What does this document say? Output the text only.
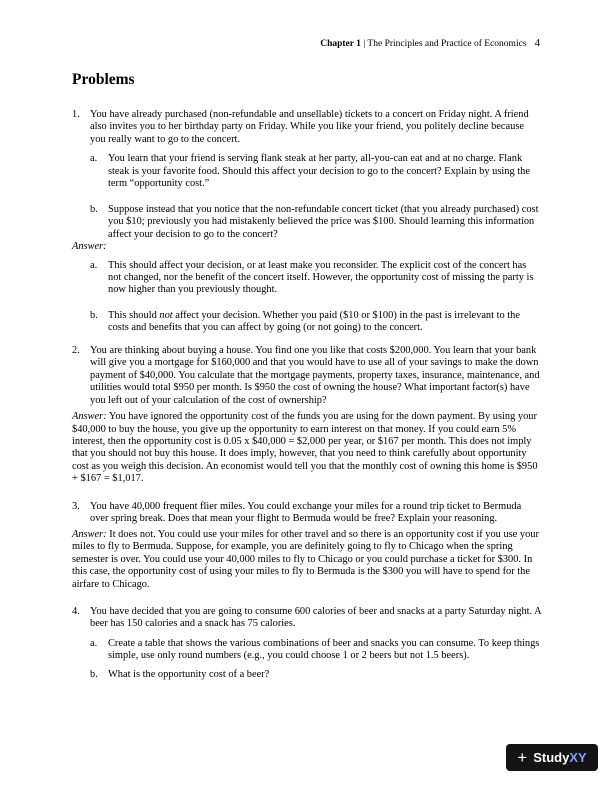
Chapter 1 | The Principles and Practice of Economics 4
Problems
1. You have already purchased (non-refundable and unsellable) tickets to a concert on Friday night. A friend also invites you to her birthday party on Friday. While you like your friend, you politely decline because you really want to go to the concert.
a. You learn that your friend is serving flank steak at her party, all-you-can eat and at no charge. Flank steak is your favorite food. Should this affect your decision to go to the concert? Explain by using the term “opportunity cost.”
b. Suppose instead that you notice that the non-refundable concert ticket (that you already purchased) cost you $10; previously you had mistakenly believed the price was $100. Should learning this information affect your decision to go to the concert?
Answer:
a. This should affect your decision, or at least make you reconsider. The explicit cost of the concert has not changed, nor the benefit of the concert itself. However, the opportunity cost of missing the party is now higher than you previously thought.
b. This should not affect your decision. Whether you paid ($10 or $100) in the past is irrelevant to the costs and benefits that you can affect by going (or not going) to the concert.
2. You are thinking about buying a house. You find one you like that costs $200,000. You learn that your bank will give you a mortgage for $160,000 and that you would have to use all of your savings to make the down payment of $40,000. You calculate that the mortgage payments, property taxes, insurance, maintenance, and utilities would total $950 per month. Is $950 the cost of owning the house? What important factor(s) have you left out of your calculation of the cost of ownership?
Answer: You have ignored the opportunity cost of the funds you are using for the down payment. By using your $40,000 to buy the house, you give up the opportunity to earn interest on that money. If you could earn 5% interest, then the opportunity cost is 0.05 x $40,000 = $2,000 per year, or $167 per month. This does not imply that you should not buy this house. It does imply, however, that you need to think carefully about opportunity cost as you weigh this decision. An economist would tell you that the monthly cost of owning this home is $950 + $167 = $1,017.
3. You have 40,000 frequent flier miles. You could exchange your miles for a round trip ticket to Bermuda over spring break. Does that mean your flight to Bermuda would be free? Explain your reasoning.
Answer: It does not. You could use your miles for other travel and so there is an opportunity cost if you use your miles to fly to Bermuda. Suppose, for example, you are definitely going to fly to Chicago when the spring semester is over. You could use your 40,000 miles to fly to Chicago or you could purchase a ticket for $300. In this case, the opportunity cost of using your miles to fly to Bermuda is the $300 you will have to spend for the airfare to Chicago.
4. You have decided that you are going to consume 600 calories of beer and snacks at a party Saturday night. A beer has 150 calories and a snack has 75 calories.
a. Create a table that shows the various combinations of beer and snacks you can consume. To keep things simple, use only round numbers (e.g., you could choose 1 or 2 beers but not 1.5 beers).
b. What is the opportunity cost of a beer?
+ StudyXY
